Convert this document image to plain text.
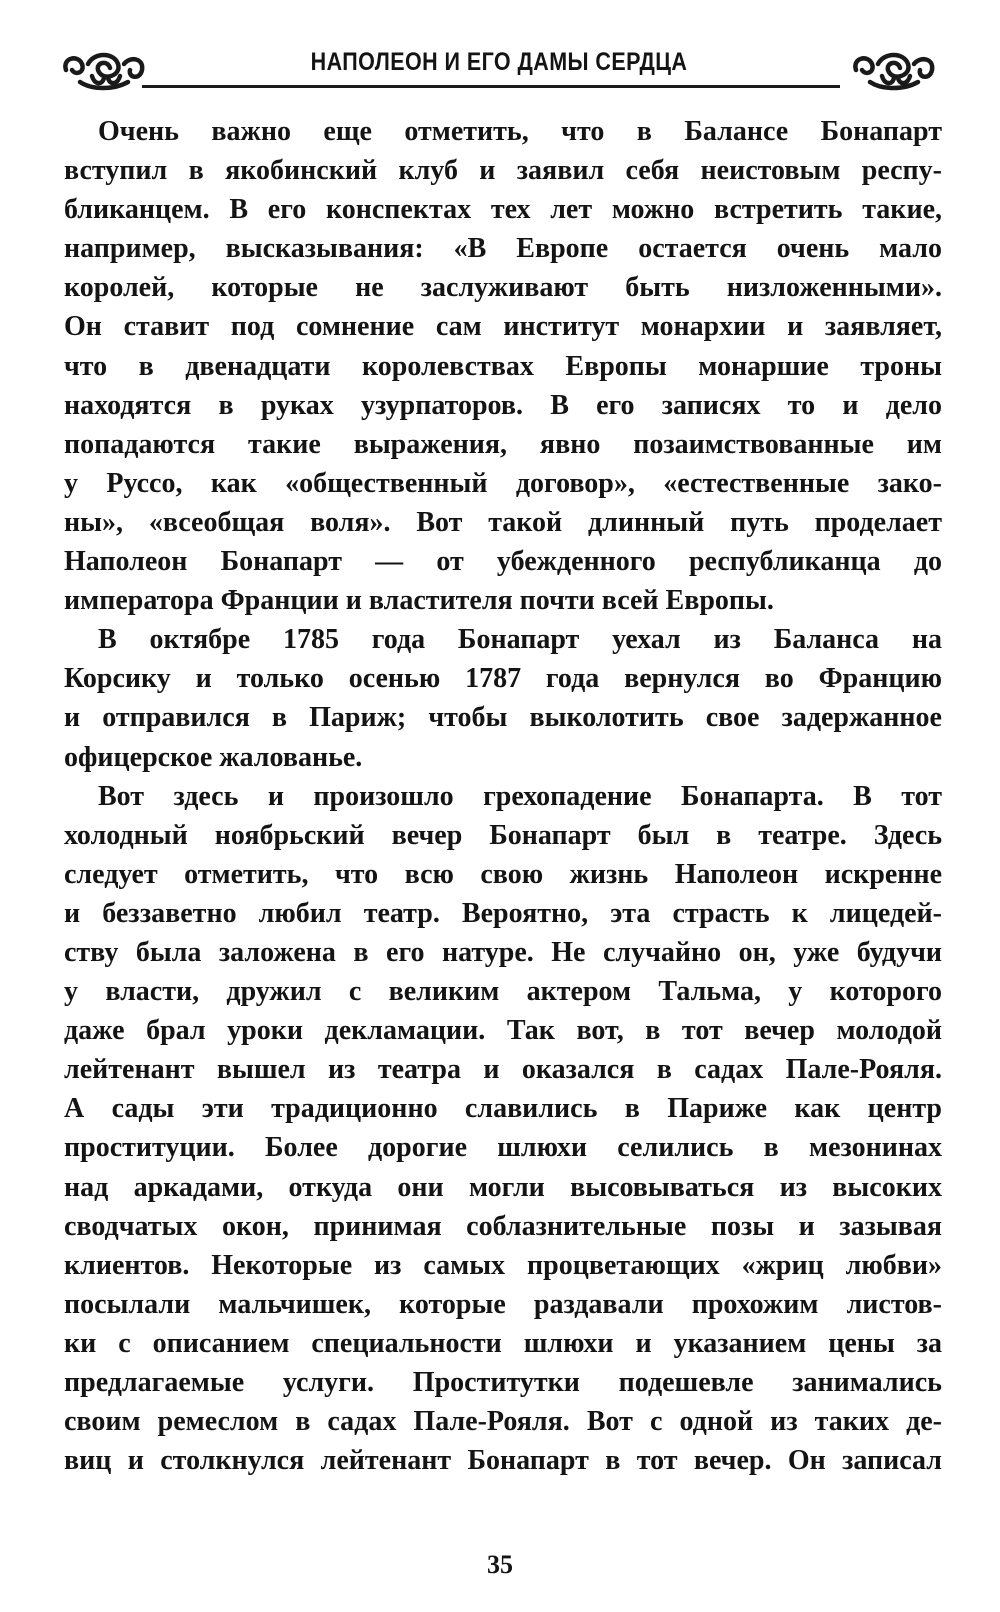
НАПОЛЕОН И ЕГО ДАМЫ СЕРДЦА
Очень важно еще отметить, что в Балансе Бонапарт
вступил в якобинский клуб и заявил себя неистовым респу-
бликанцем. В его конспектах тех лет можно встретить такие,
например, высказывания: «В Европе остается очень мало
королей, которые не заслуживают быть низложенными».
Он ставит под сомнение сам институт монархии и заявляет,
что в двенадцати королевствах Европы монаршие троны
находятся в руках узурпаторов. В его записях то и дело
попадаются такие выражения, явно позаимствованные им
у Руссо, как «общественный договор», «естественные зако-
ны», «всеобщая воля». Вот такой длинный путь проделает
Наполеон Бонапарт — от убежденного республиканца до
императора Франции и властителя почти всей Европы.
В октябре 1785 года Бонапарт уехал из Баланса на
Корсику и только осенью 1787 года вернулся во Францию
и отправился в Париж; чтобы выколотить свое задержанное
офицерское жалованье.
Вот здесь и произошло грехопадение Бонапарта. В тот
холодный ноябрьский вечер Бонапарт был в театре. Здесь
следует отметить, что всю свою жизнь Наполеон искренне
и беззаветно любил театр. Вероятно, эта страсть к лицедей-
ству была заложена в его натуре. Не случайно он, уже будучи
у власти, дружил с великим актером Тальма, у которого
даже брал уроки декламации. Так вот, в тот вечер молодой
лейтенант вышел из театра и оказался в садах Пале-Рояля.
А сады эти традиционно славились в Париже как центр
проституции. Более дорогие шлюхи селились в мезонинах
над аркадами, откуда они могли высовываться из высоких
сводчатых окон, принимая соблазнительные позы и зазывая
клиентов. Некоторые из самых процветающих «жриц любви»
посылали мальчишек, которые раздавали прохожим листов-
ки с описанием специальности шлюхи и указанием цены за
предлагаемые услуги. Проститутки подешевле занимались
своим ремеслом в садах Пале-Рояля. Вот с одной из таких де-
виц и столкнулся лейтенант Бонапарт в тот вечер. Он записал
35
